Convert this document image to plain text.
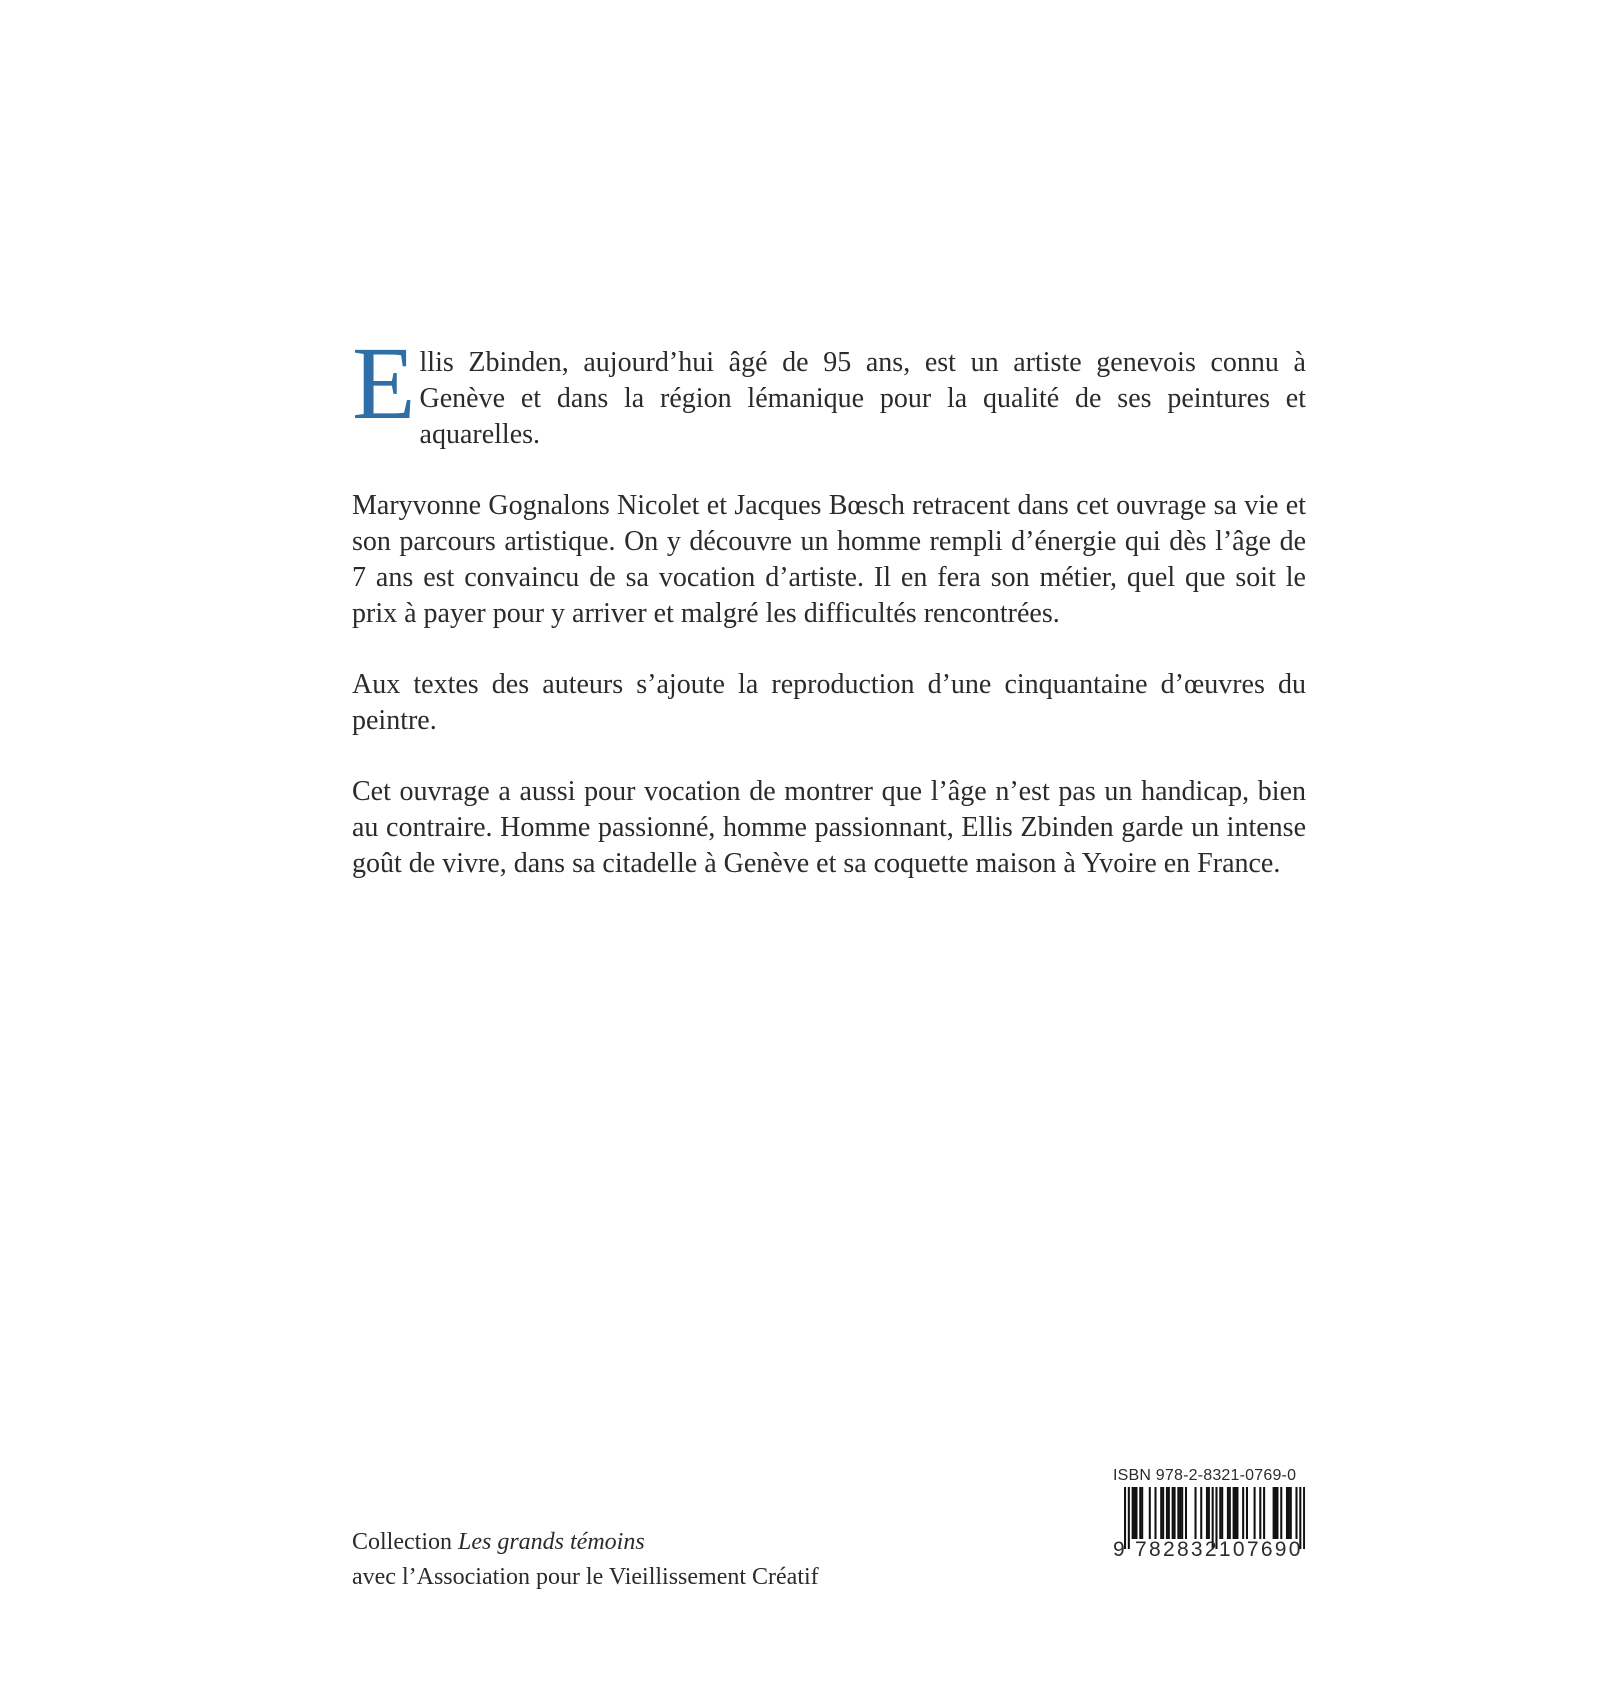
Ellis Zbinden, aujourd’hui âgé de 95 ans, est un artiste genevois connu à Genève et dans la région lémanique pour la qualité de ses peintures et aquarelles.

Maryvonne Gognalons Nicolet et Jacques Bœsch retracent dans cet ouvrage sa vie et son parcours artistique. On y découvre un homme rempli d’énergie qui dès l’âge de 7 ans est convaincu de sa vocation d’artiste. Il en fera son métier, quel que soit le prix à payer pour y arriver et malgré les difficultés rencontrées.

Aux textes des auteurs s’ajoute la reproduction d’une cinquantaine d’œuvres du peintre.

Cet ouvrage a aussi pour vocation de montrer que l’âge n’est pas un handicap, bien au contraire. Homme passionné, homme passionnant, Ellis Zbinden garde un intense goût de vivre, dans sa citadelle à Genève et sa coquette maison à Yvoire en France.

Collection Les grands témoins
avec l’Association pour le Vieillissement Créatif
ISBN 978-2-8321-0769-0
9 782832107690
